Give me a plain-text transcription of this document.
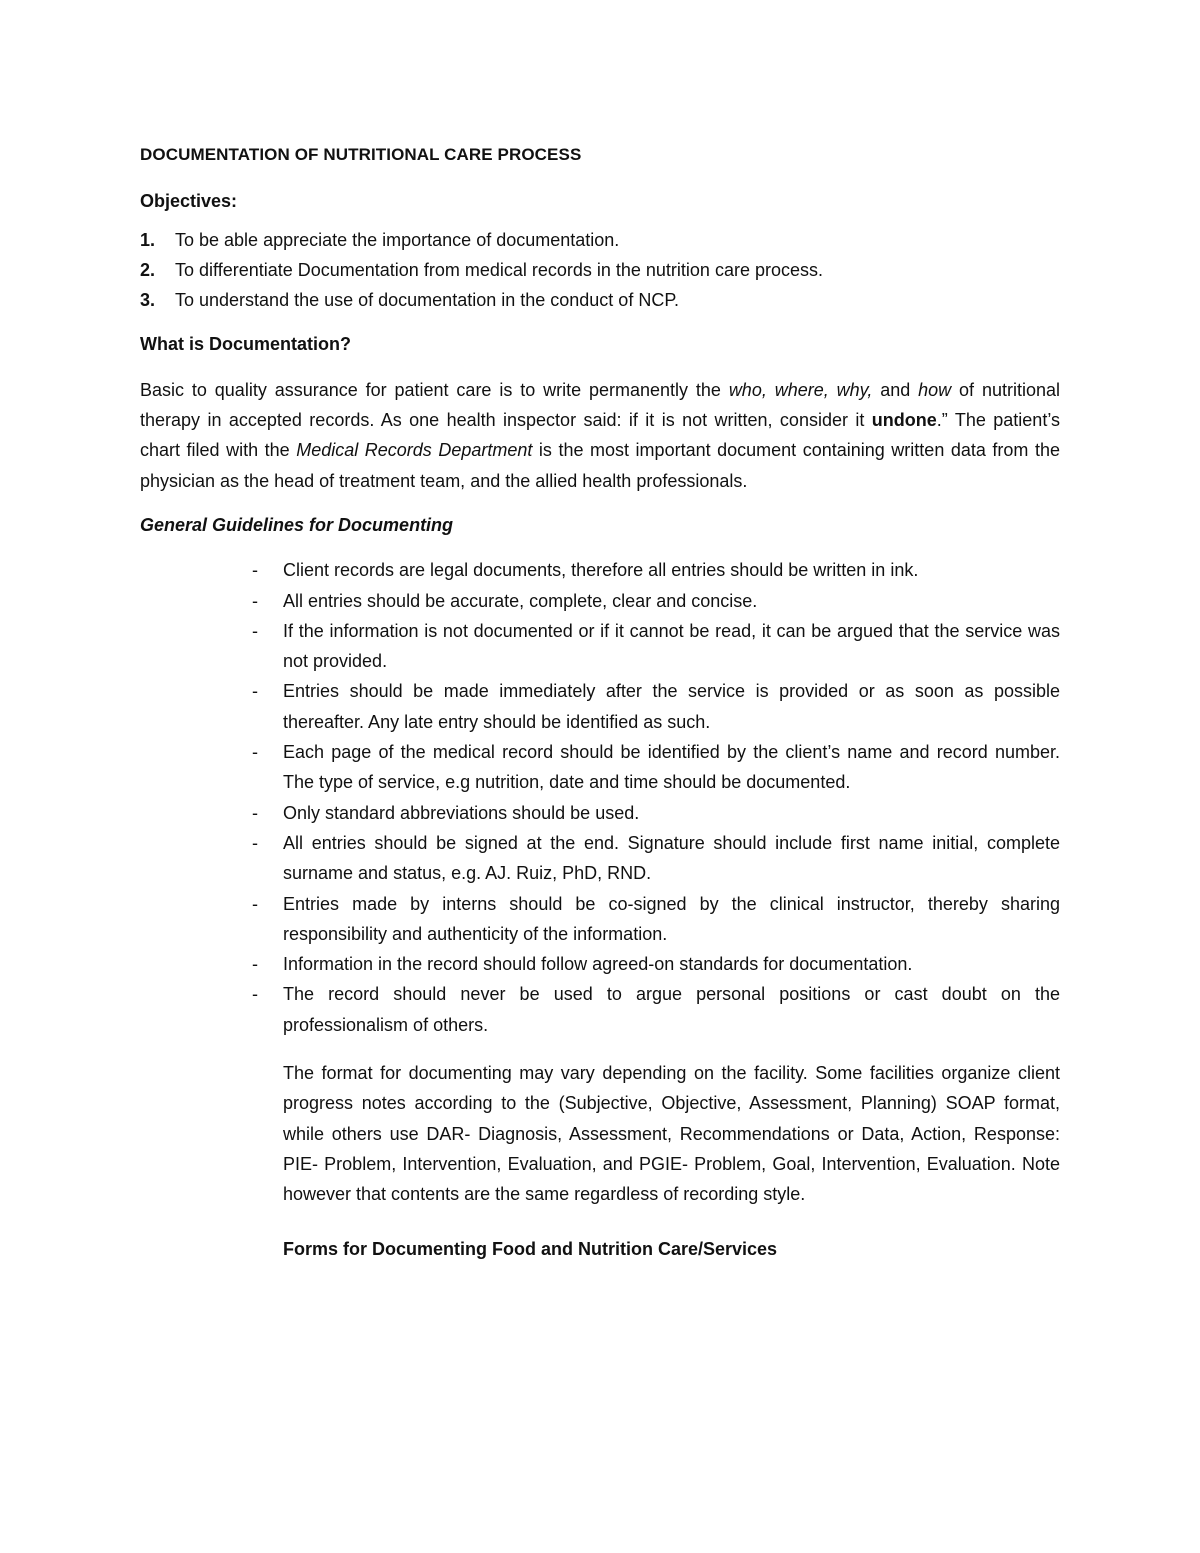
DOCUMENTATION OF NUTRITIONAL CARE PROCESS
Objectives:
1.	To be able appreciate the importance of documentation.
2.	To differentiate Documentation from medical records in the nutrition care process.
3.	To understand the use of documentation in the conduct of NCP.
What is Documentation?

Basic to quality assurance for patient care is to write permanently the who, where, why, and how of nutritional therapy in accepted records. As one health inspector said: if it is not written, consider it undone.” The patient’s chart filed with the Medical Records Department is the most important document containing written data from the physician as the head of treatment team, and the allied health professionals.

General Guidelines for Documenting
-	Client records are legal documents, therefore all entries should be written in ink.
-	All entries should be accurate, complete, clear and concise.
-	If the information is not documented or if it cannot be read, it can be argued that the service was not provided.
-	Entries should be made immediately after the service is provided or as soon as possible thereafter. Any late entry should be identified as such.
-	Each page of the medical record should be identified by the client’s name and record number. The type of service, e.g nutrition, date and time should be documented.
-	Only standard abbreviations should be used.
-	All entries should be signed at the end. Signature should include first name initial, complete surname and status, e.g. AJ. Ruiz, PhD, RND.
-	Entries made by interns should be co-signed by the clinical instructor, thereby sharing responsibility and authenticity of the information.
-	Information in the record should follow agreed-on standards for documentation.
-	The record should never be used to argue personal positions or cast doubt on the professionalism of others.

The format for documenting may vary depending on the facility. Some facilities organize client progress notes according to the (Subjective, Objective, Assessment, Planning) SOAP format, while others use DAR- Diagnosis, Assessment, Recommendations or Data, Action, Response: PIE- Problem, Intervention, Evaluation, and PGIE- Problem, Goal, Intervention, Evaluation. Note however that contents are the same regardless of recording style.

Forms for Documenting Food and Nutrition Care/Services
